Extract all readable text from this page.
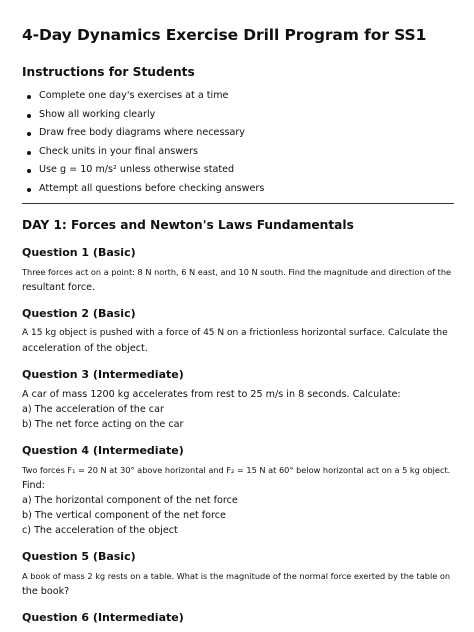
4-Day Dynamics Exercise Drill Program for SS1
Instructions for Students
Complete one day's exercises at a time
Show all working clearly
Draw free body diagrams where necessary
Check units in your final answers
Use g = 10 m/s² unless otherwise stated
Attempt all questions before checking answers
DAY 1: Forces and Newton's Laws Fundamentals
Question 1 (Basic)

Three forces act on a point: 8 N north, 6 N east, and 10 N south. Find the magnitude and direction of the

resultant force.

Question 2 (Basic)

A 15 kg object is pushed with a force of 45 N on a frictionless horizontal surface. Calculate the

acceleration of the object.

Question 3 (Intermediate)

A car of mass 1200 kg accelerates from rest to 25 m/s in 8 seconds. Calculate:

a) The acceleration of the car

b) The net force acting on the car

Question 4 (Intermediate)

Two forces F₁ = 20 N at 30° above horizontal and F₂ = 15 N at 60° below horizontal act on a 5 kg object.

Find:

a) The horizontal component of the net force

b) The vertical component of the net force

c) The acceleration of the object

Question 5 (Basic)

A book of mass 2 kg rests on a table. What is the magnitude of the normal force exerted by the table on

the book?

Question 6 (Intermediate)
